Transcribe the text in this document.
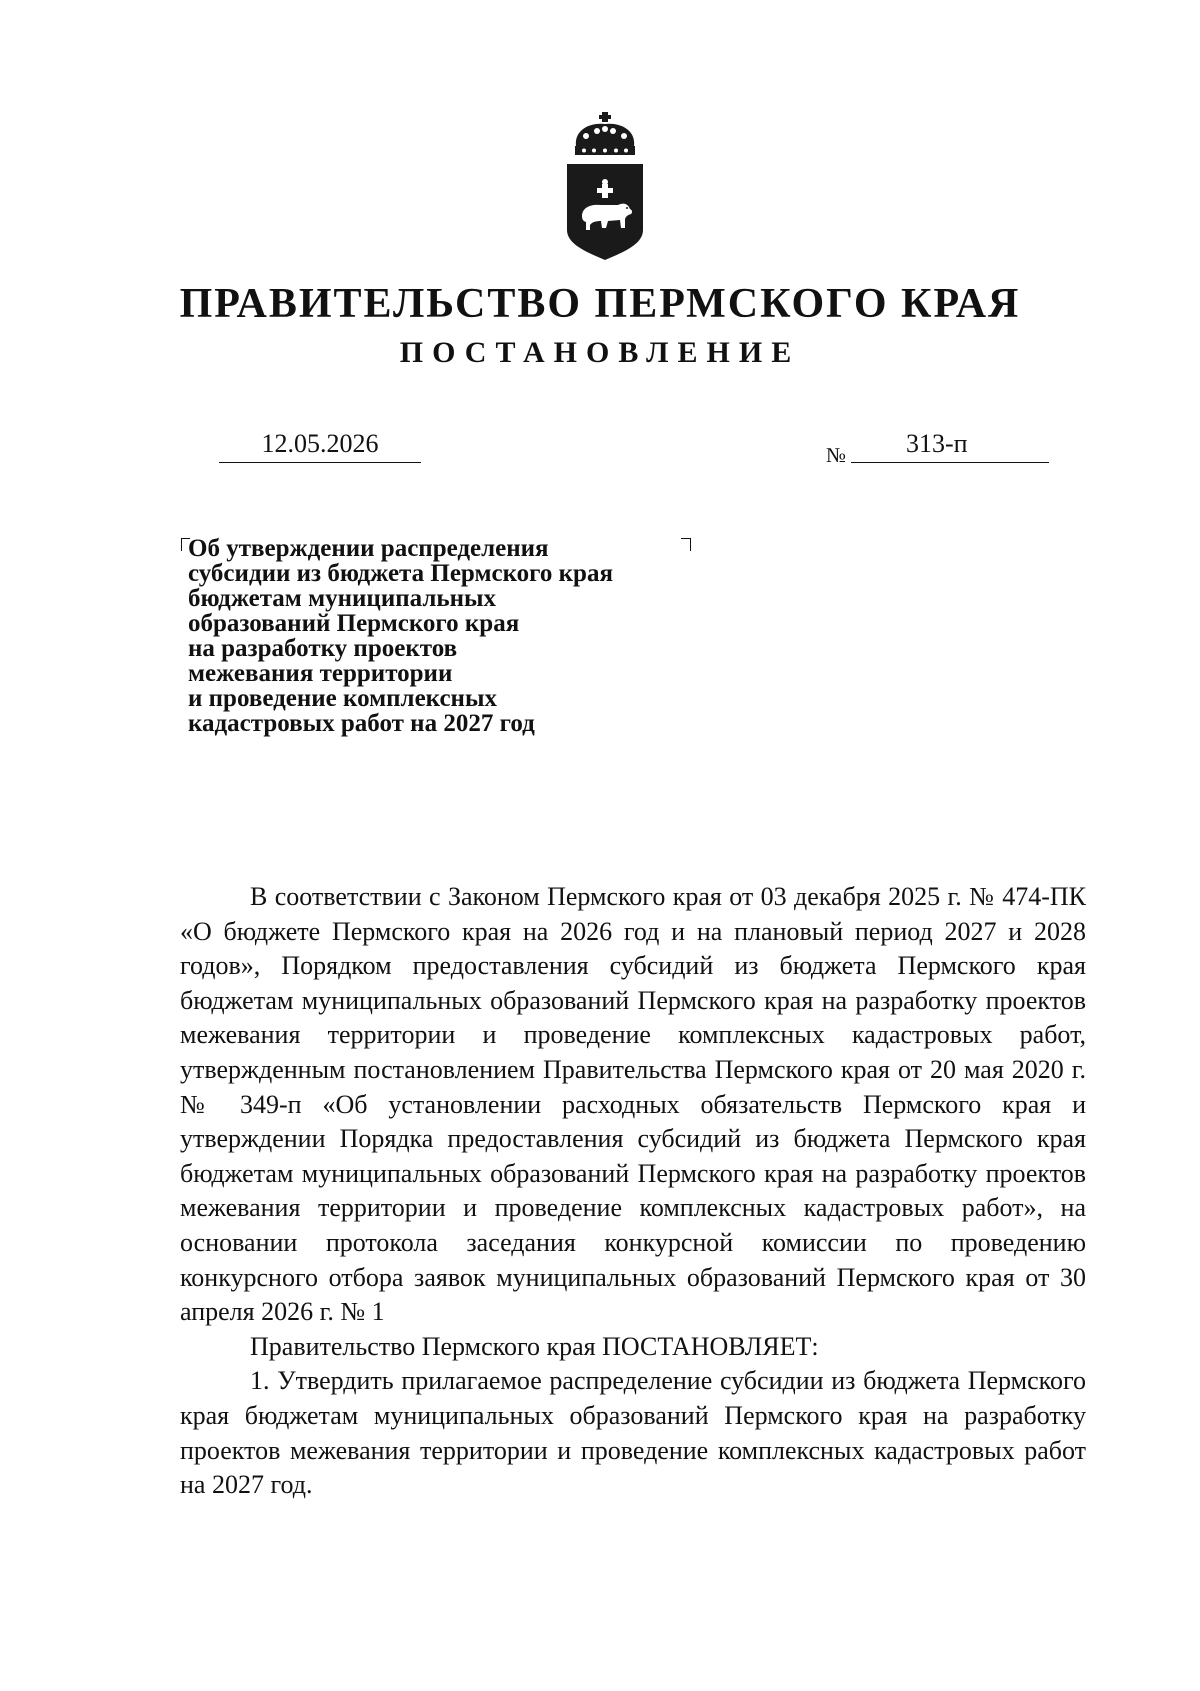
ПРАВИТЕЛЬСТВО ПЕРМСКОГО КРАЯ
ПОСТАНОВЛЕНИЕ
12.05.2026	№	313-п
Об утверждении распределения
субсидии из бюджета Пермского края
бюджетам муниципальных
образований Пермского края
на разработку проектов
межевания территории
и проведение комплексных
кадастровых работ на 2027 год

В соответствии с Законом Пермского края от 03 декабря 2025 г. № 474-ПК «О бюджете Пермского края на 2026 год и на плановый период 2027 и 2028 годов», Порядком предоставления субсидий из бюджета Пермского края бюджетам муниципальных образований Пермского края на разработку проектов межевания территории и проведение комплексных кадастровых работ, утвержденным постановлением Правительства Пермского края от 20 мая 2020 г. № 349-п «Об установлении расходных обязательств Пермского края и утверждении Порядка предоставления субсидий из бюджета Пермского края бюджетам муниципальных образований Пермского края на разработку проектов межевания территории и проведение комплексных кадастровых работ», на основании протокола заседания конкурсной комиссии по проведению конкурсного отбора заявок муниципальных образований Пермского края от 30 апреля 2026 г. № 1

Правительство Пермского края ПОСТАНОВЛЯЕТ:

1. Утвердить прилагаемое распределение субсидии из бюджета Пермского края бюджетам муниципальных образований Пермского края на разработку проектов межевания территории и проведение комплексных кадастровых работ на 2027 год.
